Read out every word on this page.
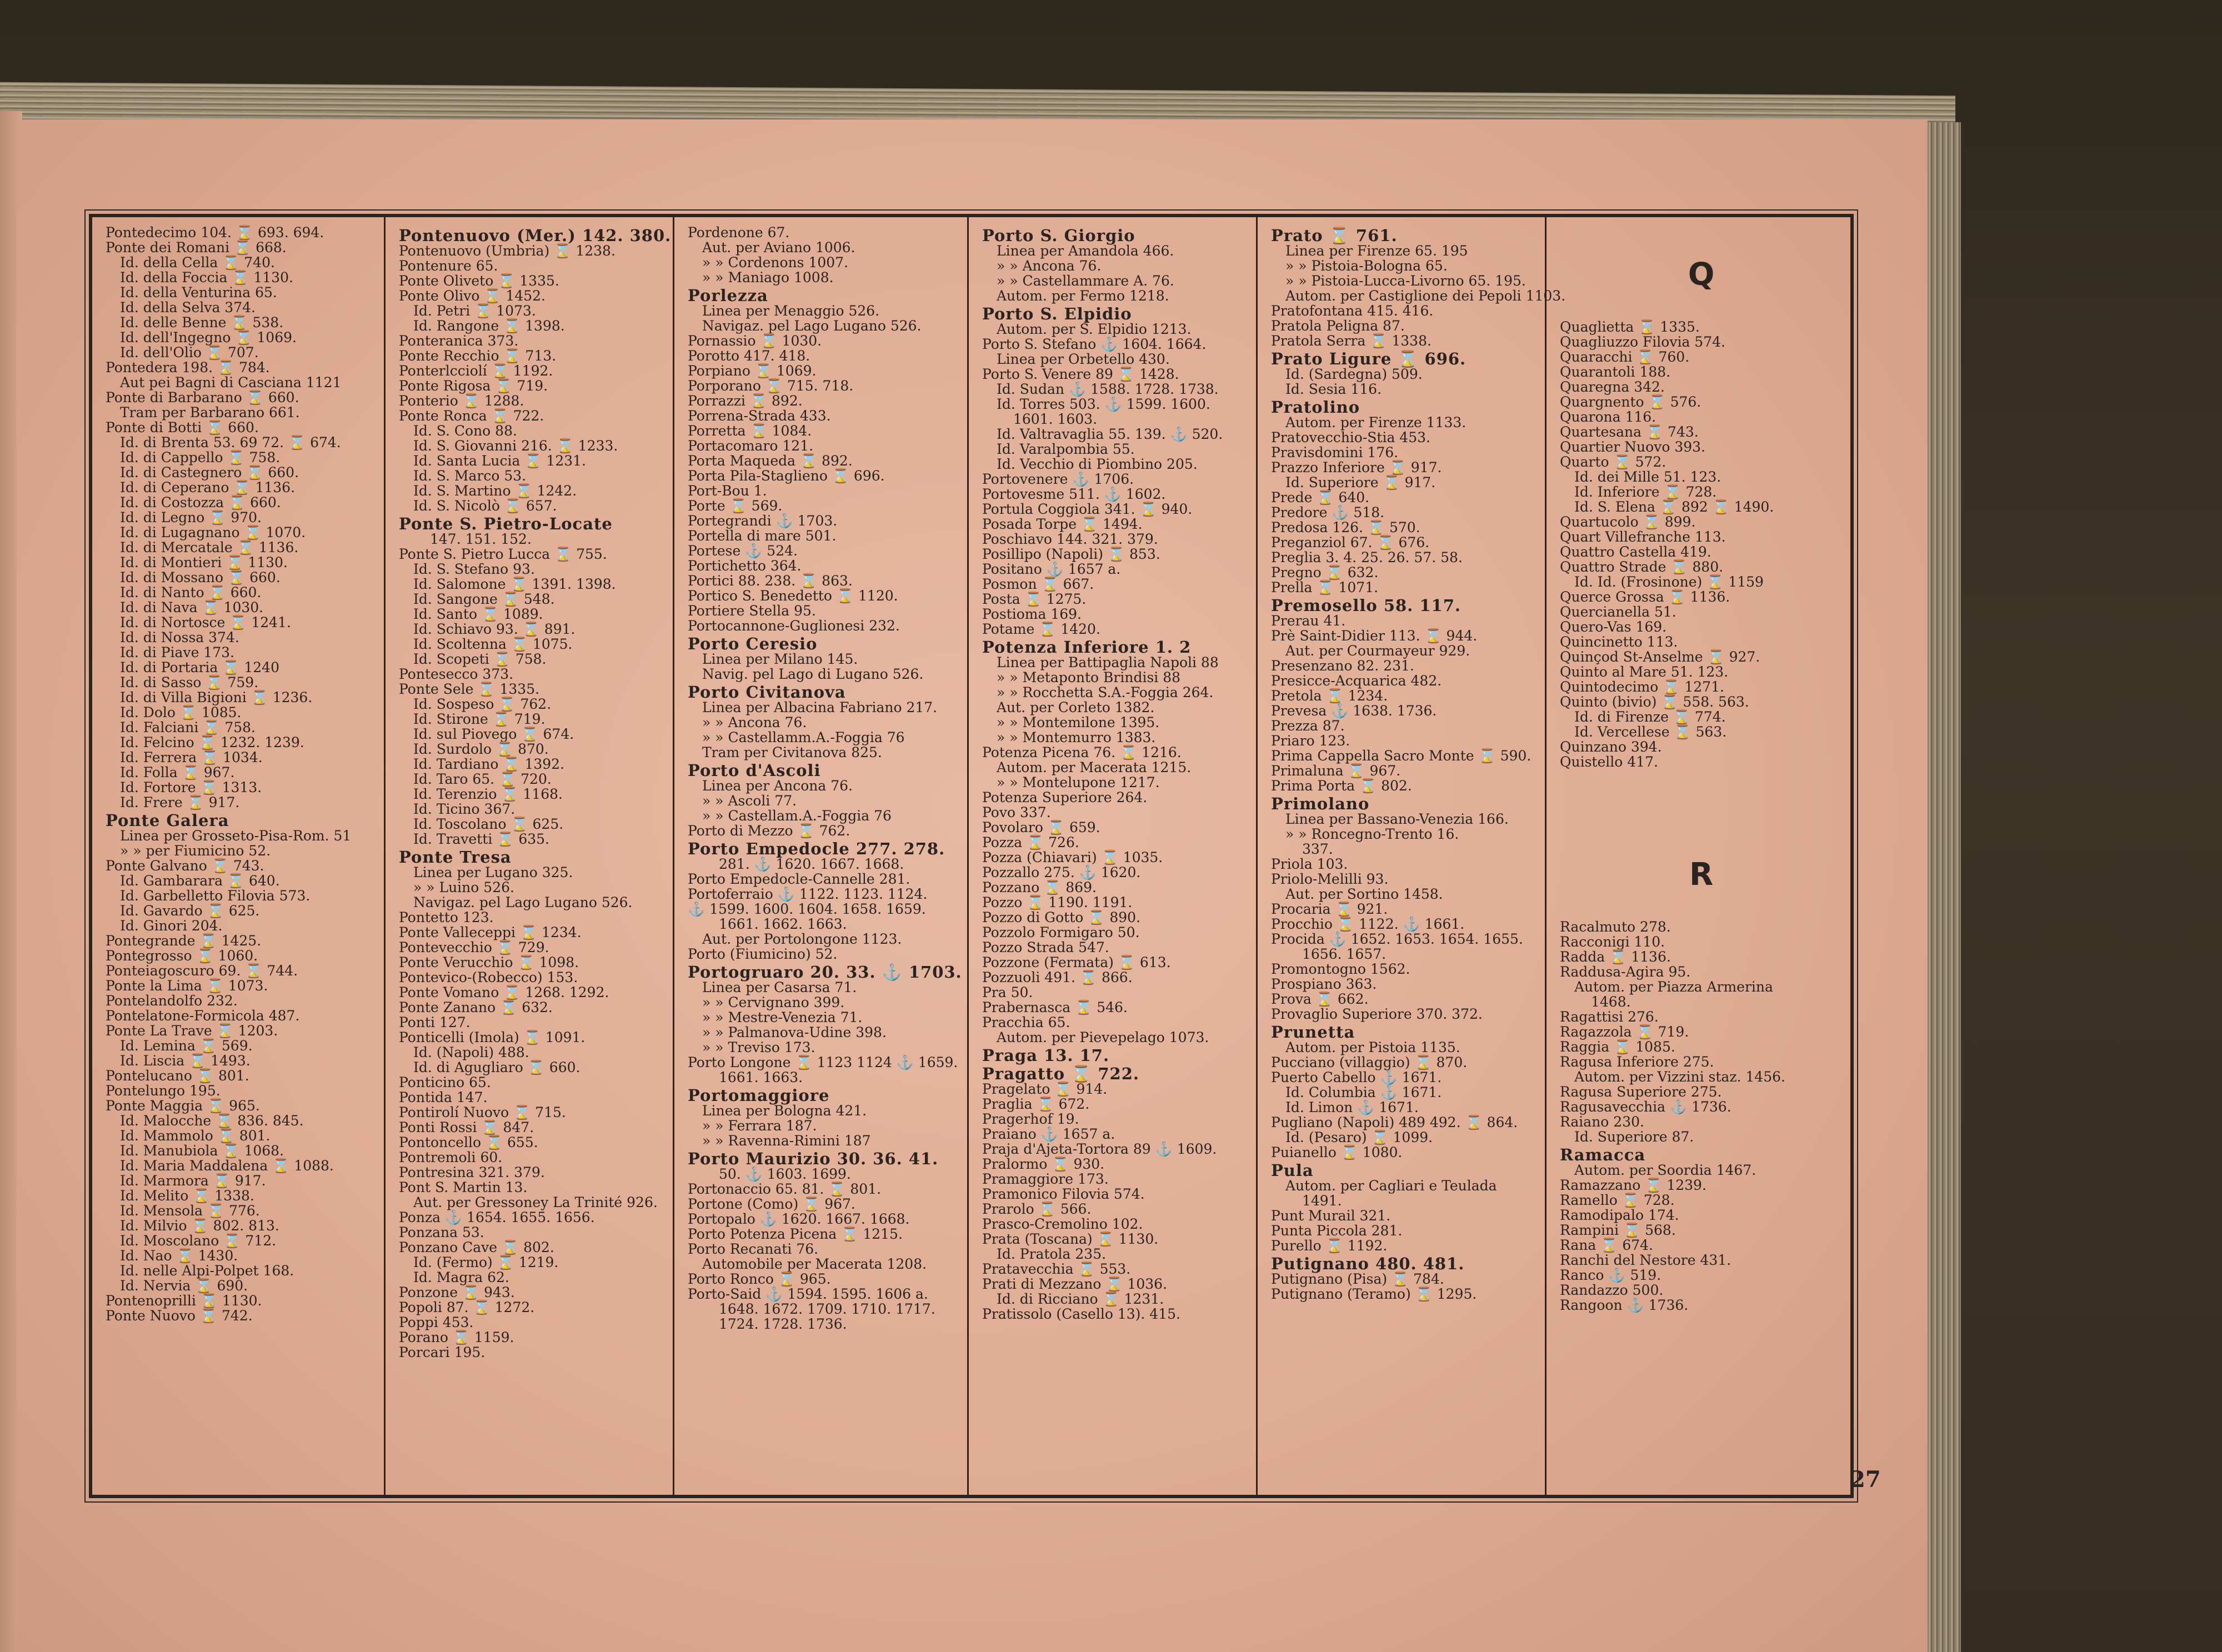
Pontedecimo 104. ⌛ 693. 694.
Ponte dei Romani ⌛ 668.
Id. della Cella ⌛ 740.
Id. della Foccia ⌛ 1130.
Id. della Venturina 65.
Id. della Selva 374.
Id. delle Benne ⌛ 538.
Id. dell'Ingegno ⌛ 1069.
Id. dell'Olio ⌛ 707.
Pontedera 198. ⌛ 784.
Aut pei Bagni di Casciana 1121
Ponte di Barbarano ⌛ 660.
Tram per Barbarano 661.
Ponte di Botti ⌛ 660.
Id. di Brenta 53. 69 72. ⌛ 674.
Id. di Cappello ⌛ 758.
Id. di Castegnero ⌛ 660.
Id. di Ceperano ⌛ 1136.
Id. di Costozza ⌛ 660.
Id. di Legno ⌛ 970.
Id. di Lugagnano ⌛ 1070.
Id. di Mercatale ⌛ 1136.
Id. di Montieri ⌛ 1130.
Id. di Mossano ⌛ 660.
Id. di Nanto ⌛ 660.
Id. di Nava ⌛ 1030.
Id. di Nortosce ⌛ 1241.
Id. di Nossa 374.
Id. di Piave 173.
Id. di Portaria ⌛ 1240
Id. di Sasso ⌛ 759.
Id. di Villa Bigioni ⌛ 1236.
Id. Dolo ⌛ 1085.
Id. Falciani ⌛ 758.
Id. Felcino ⌛ 1232. 1239.
Id. Ferrera ⌛ 1034.
Id. Folla ⌛ 967.
Id. Fortore ⌛ 1313.
Id. Frere ⌛ 917.
Ponte Galera
Linea per Grosseto-Pisa-Rom. 51
» » per Fiumicino 52.
Ponte Galvano ⌛ 743.
Id. Gambarara ⌛ 640.
Id. Garbelletto Filovia 573.
Id. Gavardo ⌛ 625.
Id. Ginori 204.
Pontegrande ⌛ 1425.
Pontegrosso ⌛ 1060.
Ponteiagoscuro 69. ⌛ 744.
Ponte la Lima ⌛ 1073.
Pontelandolfo 232.
Pontelatone-Formicola 487.
Ponte La Trave ⌛ 1203.
Id. Lemina ⌛ 569.
Id. Liscia ⌛ 1493.
Pontelucano ⌛ 801.
Pontelungo 195.
Ponte Maggia ⌛ 965.
Id. Malocche ⌛ 836. 845.
Id. Mammolo ⌛ 801.
Id. Manubiola ⌛ 1068.
Id. Maria Maddalena ⌛ 1088.
Id. Marmora ⌛ 917.
Id. Melito ⌛ 1338.
Id. Mensola ⌛ 776.
Id. Milvio ⌛ 802. 813.
Id. Moscolano ⌛ 712.
Id. Nao ⌛ 1430.
Id. nelle Alpi-Polpet 168.
Id. Nervia ⌛ 690.
Pontenoprilli ⌛ 1130.
Ponte Nuovo ⌛ 742.
Pontenuovo (Mer.) 142. 380.
Pontenuovo (Umbria) ⌛ 1238.
Pontenure 65.
Ponte Oliveto ⌛ 1335.
Ponte Olivo ⌛ 1452.
Id. Petri ⌛ 1073.
Id. Rangone ⌛ 1398.
Ponteranica 373.
Ponte Recchio ⌛ 713.
Ponterlcciolí ⌛ 1192.
Ponte Rigosa ⌛ 719.
Ponterio ⌛ 1288.
Ponte Ronca ⌛ 722.
Id. S. Cono 88.
Id. S. Giovanni 216. ⌛ 1233.
Id. Santa Lucia ⌛ 1231.
Id. S. Marco 53.
Id. S. Martino ⌛ 1242.
Id. S. Nicolò ⌛ 657.
Ponte S. Pietro-Locate
147. 151. 152.
Ponte S. Pietro Lucca ⌛ 755.
Id. S. Stefano 93.
Id. Salomone ⌛ 1391. 1398.
Id. Sangone ⌛ 548.
Id. Santo ⌛ 1089.
Id. Schiavo 93. ⌛ 891.
Id. Scoltenna ⌛ 1075.
Id. Scopeti ⌛ 758.
Pontesecco 373.
Ponte Sele ⌛ 1335.
Id. Sospeso ⌛ 762.
Id. Stirone ⌛ 719.
Id. sul Piovego ⌛ 674.
Id. Surdolo ⌛ 870.
Id. Tardiano ⌛ 1392.
Id. Taro 65. ⌛ 720.
Id. Terenzio ⌛ 1168.
Id. Ticino 367.
Id. Toscolano ⌛ 625.
Id. Travetti ⌛ 635.
Ponte Tresa
Linea per Lugano 325.
» » Luino 526.
Navigaz. pel Lago Lugano 526.
Pontetto 123.
Ponte Valleceppi ⌛ 1234.
Pontevecchio ⌛ 729.
Ponte Verucchio ⌛ 1098.
Pontevico-(Robecco) 153.
Ponte Vomano ⌛ 1268. 1292.
Ponte Zanano ⌛ 632.
Ponti 127.
Ponticelli (Imola) ⌛ 1091.
Id. (Napoli) 488.
Id. di Agugliaro ⌛ 660.
Ponticino 65.
Pontida 147.
Pontirolí Nuovo ⌛ 715.
Ponti Rossi ⌛ 847.
Pontoncello ⌛ 655.
Pontremoli 60.
Pontresina 321. 379.
Pont S. Martin 13.
Aut. per Gressoney La Trinité 926.
Ponza ⚓ 1654. 1655. 1656.
Ponzana 53.
Ponzano Cave ⌛ 802.
Id. (Fermo) ⌛ 1219.
Id. Magra 62.
Ponzone ⌛ 943.
Popoli 87. ⌛ 1272.
Poppi 453.
Porano ⌛ 1159.
Porcari 195.
Pordenone 67.
Aut. per Aviano 1006.
» » Cordenons 1007.
» » Maniago 1008.
Porlezza
Linea per Menaggio 526.
Navigaz. pel Lago Lugano 526.
Pornassio ⌛ 1030.
Porotto 417. 418.
Porpiano ⌛ 1069.
Porporano ⌛ 715. 718.
Porrazzi ⌛ 892.
Porrena-Strada 433.
Porretta ⌛ 1084.
Portacomaro 121.
Porta Maqueda ⌛ 892.
Porta Pila-Staglieno ⌛ 696.
Port-Bou 1.
Porte ⌛ 569.
Portegrandi ⚓ 1703.
Portella di mare 501.
Portese ⚓ 524.
Portichetto 364.
Portici 88. 238. ⌛ 863.
Portico S. Benedetto ⌛ 1120.
Portiere Stella 95.
Portocannone-Guglionesi 232.
Porto Ceresio
Linea per Milano 145.
Navig. pel Lago di Lugano 526.
Porto Civitanova
Linea per Albacina Fabriano 217.
» » Ancona 76.
» » Castellamm.A.-Foggia 76
Tram per Civitanova 825.
Porto d'Ascoli
Linea per Ancona 76.
» » Ascoli 77.
» » Castellam.A.-Foggia 76
Porto di Mezzo ⌛ 762.
Porto Empedocle 277. 278.
281. ⚓ 1620. 1667. 1668.
Porto Empedocle-Cannelle 281.
Portoferraio ⚓ 1122. 1123. 1124.
⚓ 1599. 1600. 1604. 1658. 1659.
1661. 1662. 1663.
Aut. per Portolongone 1123.
Porto (Fiumicino) 52.
Portogruaro 20. 33. ⚓ 1703.
Linea per Casarsa 71.
» » Cervignano 399.
» » Mestre-Venezia 71.
» » Palmanova-Udine 398.
» » Treviso 173.
Porto Longone ⌛ 1123 1124 ⚓ 1659.
1661. 1663.
Portomaggiore
Linea per Bologna 421.
» » Ferrara 187.
» » Ravenna-Rimini 187
Porto Maurizio 30. 36. 41.
50. ⚓ 1603. 1699.
Portonaccio 65. 81. ⌛ 801.
Portone (Como) ⌛ 967.
Portopalo ⚓ 1620. 1667. 1668.
Porto Potenza Picena ⌛ 1215.
Porto Recanati 76.
Automobile per Macerata 1208.
Porto Ronco ⌛ 965.
Porto-Said ⚓ 1594. 1595. 1606 a.
1648. 1672. 1709. 1710. 1717.
1724. 1728. 1736.
Porto S. Giorgio
Linea per Amandola 466.
» » Ancona 76.
» » Castellammare A. 76.
Autom. per Fermo 1218.
Porto S. Elpidio
Autom. per S. Elpidio 1213.
Porto S. Stefano ⚓ 1604. 1664.
Linea per Orbetello 430.
Porto S. Venere 89 ⌛ 1428.
Id. Sudan ⚓ 1588. 1728. 1738.
Id. Torres 503. ⚓ 1599. 1600.
1601. 1603.
Id. Valtravaglia 55. 139. ⚓ 520.
Id. Varalpombia 55.
Id. Vecchio di Piombino 205.
Portovenere ⚓ 1706.
Portovesme 511. ⚓ 1602.
Portula Coggiola 341. ⌛ 940.
Posada Torpe ⌛ 1494.
Poschiavo 144. 321. 379.
Posillipo (Napoli) ⌛ 853.
Positano ⚓ 1657 a.
Posmon ⌛ 667.
Posta ⌛ 1275.
Postioma 169.
Potame ⌛ 1420.
Potenza Inferiore 1. 2
Linea per Battipaglia Napoli 88
» » Metaponto Brindisi 88
» » Rocchetta S.A.-Foggia 264.
Aut. per Corleto 1382.
» » Montemilone 1395.
» » Montemurro 1383.
Potenza Picena 76. ⌛ 1216.
Autom. per Macerata 1215.
» » Montelupone 1217.
Potenza Superiore 264.
Povo 337.
Povolaro ⌛ 659.
Pozza ⌛ 726.
Pozza (Chiavari) ⌛ 1035.
Pozzallo 275. ⚓ 1620.
Pozzano ⌛ 869.
Pozzo ⌛ 1190. 1191.
Pozzo di Gotto ⌛ 890.
Pozzolo Formigaro 50.
Pozzo Strada 547.
Pozzone (Fermata) ⌛ 613.
Pozzuoli 491. ⌛ 866.
Pra 50.
Prabernasca ⌛ 546.
Pracchia 65.
Autom. per Pievepelago 1073.
Praga 13. 17.
Pragatto ⌛ 722.
Pragelato ⌛ 914.
Praglia ⌛ 672.
Pragerhof 19.
Praiano ⚓ 1657 a.
Praja d'Ajeta-Tortora 89 ⚓ 1609.
Pralormo ⌛ 930.
Pramaggiore 173.
Pramonico Filovia 574.
Prarolo ⌛ 566.
Prasco-Cremolino 102.
Prata (Toscana) ⌛ 1130.
Id. Pratola 235.
Pratavecchia ⌛ 553.
Prati di Mezzano ⌛ 1036.
Id. di Ricciano ⌛ 1231.
Pratissolo (Casello 13). 415.
Prato ⌛ 761.
Linea per Firenze 65. 195
» » Pistoia-Bologna 65.
» » Pistoia-Lucca-Livorno 65. 195.
Autom. per Castiglione dei Pepoli 1103.
Pratofontana 415. 416.
Pratola Peligna 87.
Pratola Serra ⌛ 1338.
Prato Ligure ⌛ 696.
Id. (Sardegna) 509.
Id. Sesia 116.
Pratolino
Autom. per Firenze 1133.
Pratovecchio-Stia 453.
Pravisdomini 176.
Prazzo Inferiore ⌛ 917.
Id. Superiore ⌛ 917.
Prede ⌛ 640.
Predore ⚓ 518.
Predosa 126. ⌛ 570.
Preganziol 67. ⌛ 676.
Preglia 3. 4. 25. 26. 57. 58.
Pregno ⌛ 632.
Prella ⌛ 1071.
Premosello 58. 117.
Prerau 41.
Prè Saint-Didier 113. ⌛ 944.
Aut. per Courmayeur 929.
Presenzano 82. 231.
Presicce-Acquarica 482.
Pretola ⌛ 1234.
Prevesa ⚓ 1638. 1736.
Prezza 87.
Priaro 123.
Prima Cappella Sacro Monte ⌛ 590.
Primaluna ⌛ 967.
Prima Porta ⌛ 802.
Primolano
Linea per Bassano-Venezia 166.
» » Roncegno-Trento 16.
337.
Priola 103.
Priolo-Melilli 93.
Aut. per Sortino 1458.
Procaria ⌛ 921.
Procchio ⌛ 1122. ⚓ 1661.
Procida ⚓ 1652. 1653. 1654. 1655.
1656. 1657.
Promontogno 1562.
Prospiano 363.
Prova ⌛ 662.
Provaglio Superiore 370. 372.
Prunetta
Autom. per Pistoia 1135.
Pucciano (villaggio) ⌛ 870.
Puerto Cabello ⚓ 1671.
Id. Columbia ⚓ 1671.
Id. Limon ⚓ 1671.
Pugliano (Napoli) 489 492. ⌛ 864.
Id. (Pesaro) ⌛ 1099.
Puianello ⌛ 1080.
Pula
Autom. per Cagliari e Teulada
1491.
Punt Murail 321.
Punta Piccola 281.
Purello ⌛ 1192.
Putignano 480. 481.
Putignano (Pisa) ⌛ 784.
Putignano (Teramo) ⌛ 1295.
Q
Quaglietta ⌛ 1335.
Quagliuzzo Filovia 574.
Quaracchi ⌛ 760.
Quarantoli 188.
Quaregna 342.
Quargnento ⌛ 576.
Quarona 116.
Quartesana ⌛ 743.
Quartier Nuovo 393.
Quarto ⌛ 572.
Id. dei Mille 51. 123.
Id. Inferiore ⌛ 728.
Id. S. Elena ⌛ 892 ⌛ 1490.
Quartucolo ⌛ 899.
Quart Villefranche 113.
Quattro Castella 419.
Quattro Strade ⌛ 880.
Id. Id. (Frosinone) ⌛ 1159
Querce Grossa ⌛ 1136.
Quercianella 51.
Quero-Vas 169.
Quincinetto 113.
Quinçod St-Anselme ⌛ 927.
Quinto al Mare 51. 123.
Quintodecimo ⌛ 1271.
Quinto (bivio) ⌛ 558. 563.
Id. di Firenze ⌛ 774.
Id. Vercellese ⌛ 563.
Quinzano 394.
Quistello 417.
R
Racalmuto 278.
Racconigi 110.
Radda ⌛ 1136.
Raddusa-Agira 95.
Autom. per Piazza Armerina
1468.
Ragattisi 276.
Ragazzola ⌛ 719.
Raggia ⌛ 1085.
Ragusa Inferiore 275.
Autom. per Vizzini staz. 1456.
Ragusa Superiore 275.
Ragusavecchia ⚓ 1736.
Raiano 230.
Id. Superiore 87.
Ramacca
Autom. per Soordia 1467.
Ramazzano ⌛ 1239.
Ramello ⌛ 728.
Ramodipalo 174.
Rampini ⌛ 568.
Rana ⌛ 674.
Ranchi del Nestore 431.
Ranco ⚓ 519.
Randazzo 500.
Rangoon ⚓ 1736.
27
